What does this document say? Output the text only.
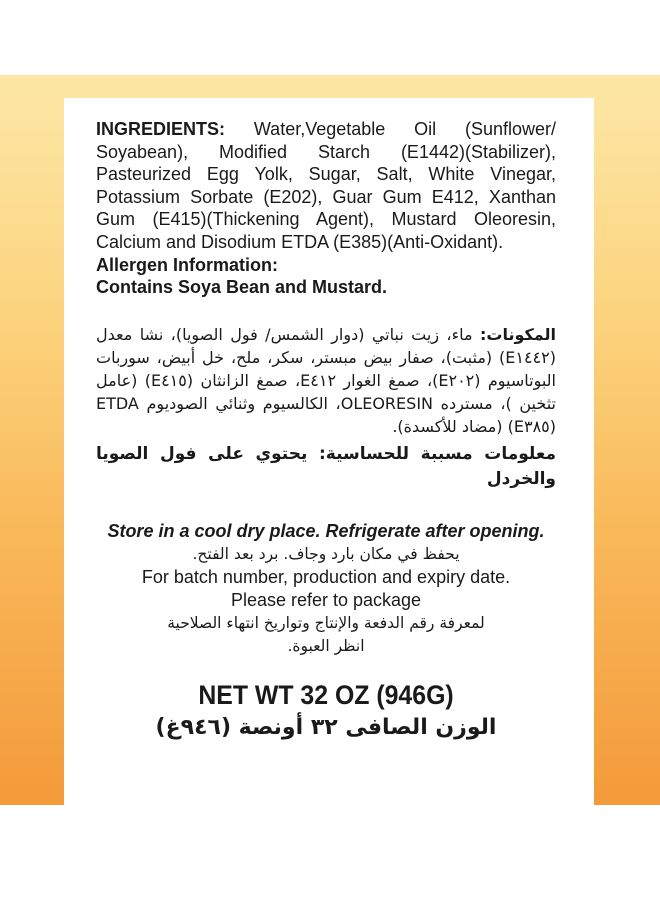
INGREDIENTS: Water,Vegetable Oil (Sunflower/ Soyabean), Modified Starch (E1442)(Stabilizer), Pasteurized Egg Yolk, Sugar, Salt, White Vinegar, Potassium Sorbate (E202), Guar Gum E412, Xanthan Gum (E415)(Thickening Agent), Mustard Oleoresin, Calcium and Disodium ETDA (E385)(Anti-Oxidant).

Allergen Information:

Contains Soya Bean and Mustard.

المكونات: ماء، زيت نباتي (دوار الشمس/ فول الصويا)، نشا معدل (E١٤٤٢) (مثبت)، صفار بيض مبستر، سكر، ملح، خل أبيض، سوربات البوتاسيوم (E٢٠٢)، صمغ الغوار E٤١٢، صمغ الزانثان (E٤١٥) (عامل تثخين )، مسترده OLEORESIN، الكالسيوم وثنائي الصوديوم ETDA (E٣٨٥) (مضاد للأكسدة).

معلومات مسببة للحساسية: يحتوي على فول الصويا والخردل

Store in a cool dry place. Refrigerate after opening.

يحفظ في مكان بارد وجاف. برد بعد الفتح.

For batch number, production and expiry date.

Please refer to package

لمعرفة رقم الدفعة والإنتاج وتواريخ انتهاء الصلاحية

انظر العبوة.

NET WT 32 OZ (946G)

الوزن الصافى ٣٢ أونصة (٩٤٦غ)
